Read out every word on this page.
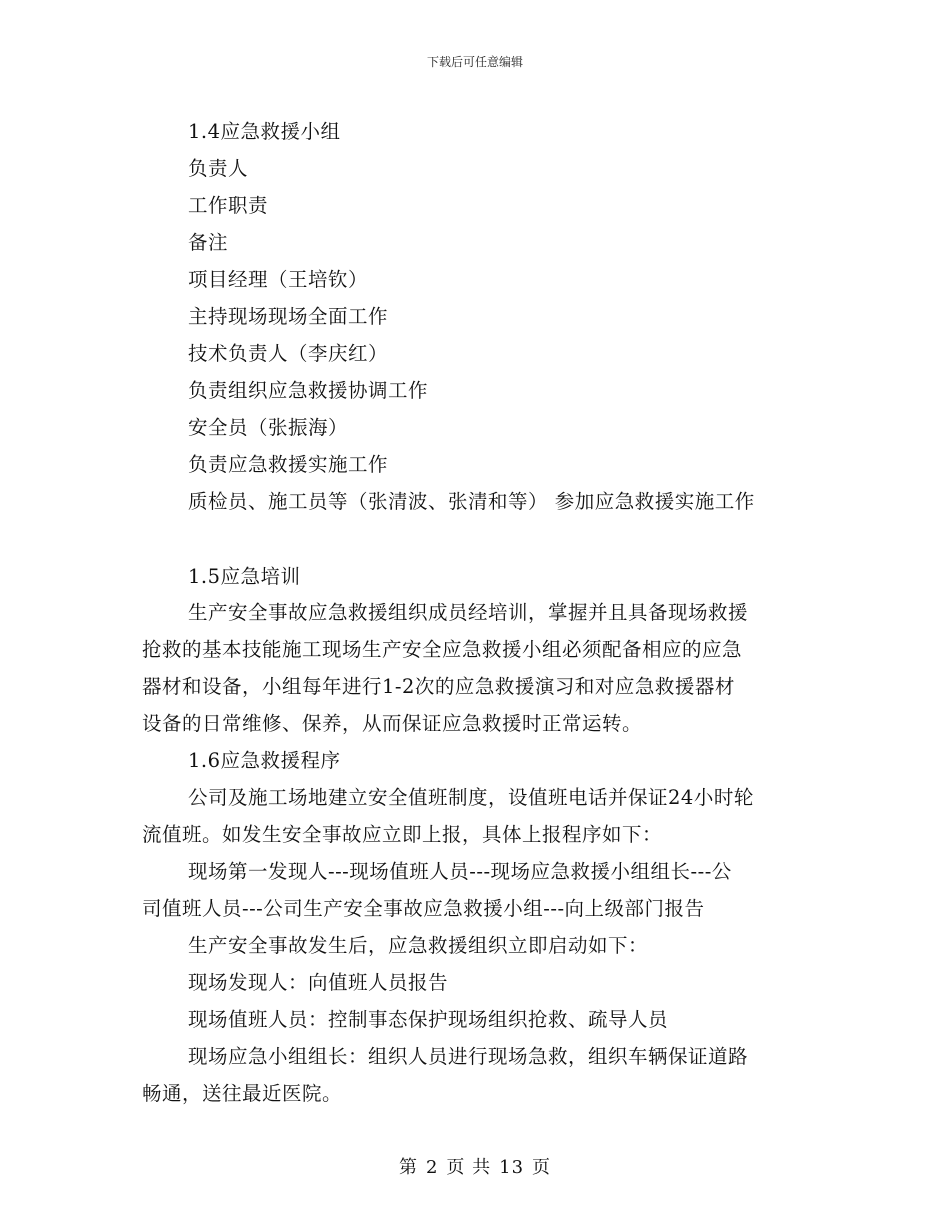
下载后可任意编辑
1.4应急救援小组
负责人
工作职责
备注
项目经理（王培钦）
主持现场现场全面工作
技术负责人（李庆红）
负责组织应急救援协调工作
安全员（张振海）
负责应急救援实施工作
质检员、施工员等（张清波、张清和等） 参加应急救援实施工作
1.5应急培训
生产安全事故应急救援组织成员经培训，掌握并且具备现场救援
抢救的基本技能施工现场生产安全应急救援小组必须配备相应的应急
器材和设备，小组每年进行1-2次的应急救援演习和对应急救援器材
设备的日常维修、保养，从而保证应急救援时正常运转。
1.6应急救援程序
公司及施工场地建立安全值班制度，设值班电话并保证24小时轮
流值班。如发生安全事故应立即上报，具体上报程序如下：
现场第一发现人---现场值班人员---现场应急救援小组组长---公
司值班人员---公司生产安全事故应急救援小组---向上级部门报告
生产安全事故发生后，应急救援组织立即启动如下：
现场发现人：向值班人员报告
现场值班人员：控制事态保护现场组织抢救、疏导人员
现场应急小组组长：组织人员进行现场急救，组织车辆保证道路
畅通，送往最近医院。
第 2 页 共 13 页
